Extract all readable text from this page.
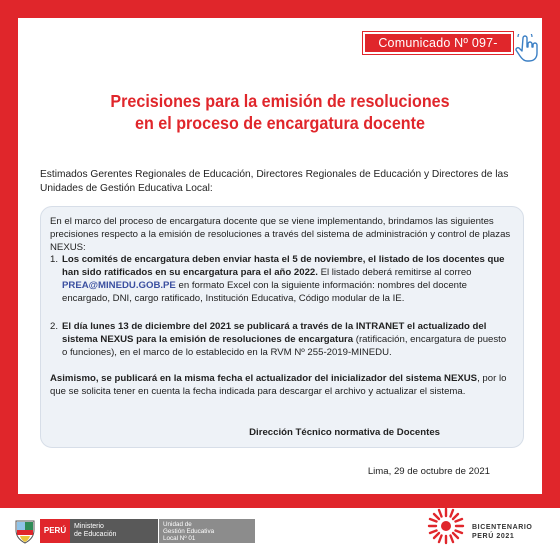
Comunicado Nº 097-2021
Precisiones para la emisión de resoluciones
en el proceso de encargatura docente
Estimados Gerentes Regionales de Educación, Directores Regionales de Educación y Directores de las Unidades de Gestión Educativa Local:
En el marco del proceso de encargatura docente que se viene implementando, brindamos las siguientes precisiones respecto a la emisión de resoluciones a través del sistema de administración y control de plazas NEXUS:
1. Los comités de encargatura deben enviar hasta el 5 de noviembre, el listado de los docentes que han sido ratificados en su encargatura para el año 2022. El listado deberá remitirse al correo PREA@MINEDU.GOB.PE en formato Excel con la siguiente información: nombres del docente encargado, DNI, cargo ratificado, Institución Educativa, Código modular de la IE.
2. El día lunes 13 de diciembre del 2021 se publicará a través de la INTRANET el actualizado del sistema NEXUS para la emisión de resoluciones de encargatura (ratificación, encargatura de puesto o funciones), en el marco de lo establecido en la RVM Nº 255-2019-MINEDU.
Asimismo, se publicará en la misma fecha el actualizador del inicializador del sistema NEXUS, por lo que se solicita tener en cuenta la fecha indicada para descargar el archivo y actualizar el sistema.
Dirección Técnico normativa de Docentes
Lima, 29 de octubre de 2021
PERÚ	Ministerio
de Educación
Unidad de
Gestión Educativa
Local Nº 01
BICENTENARIO
PERÚ 2021
